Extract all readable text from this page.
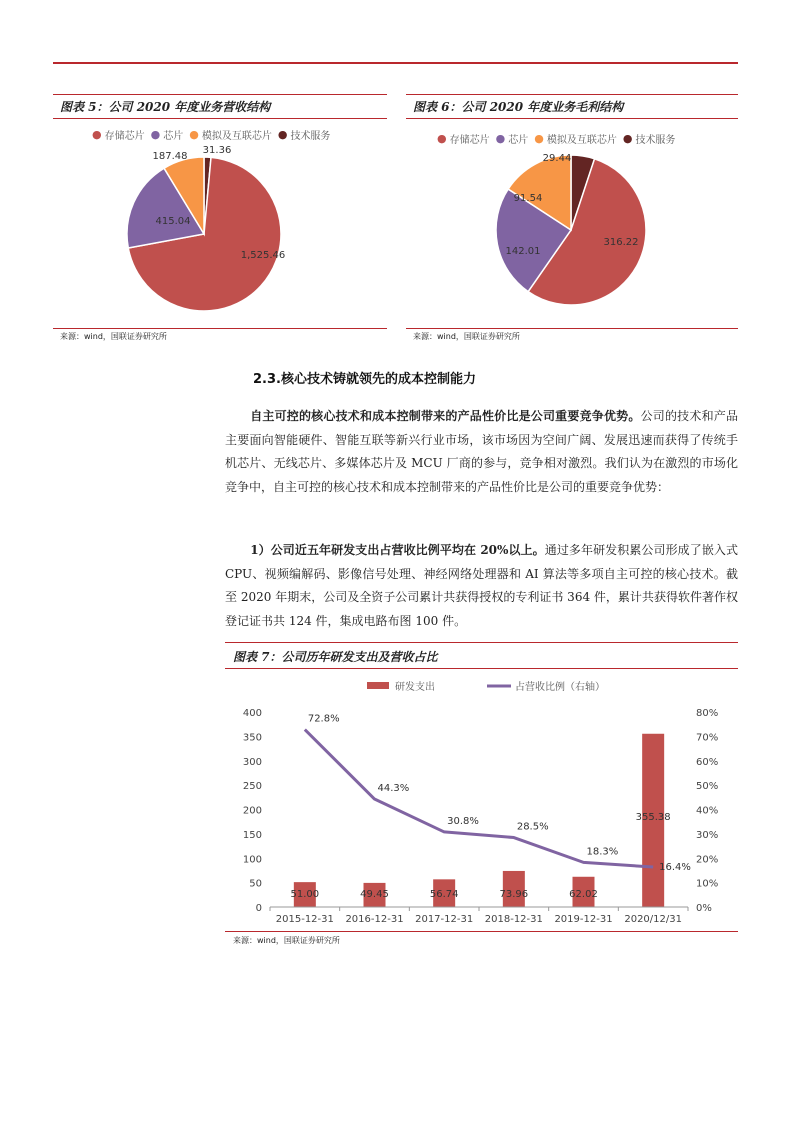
图表 5：公司 2020 年度业务营收结构
● 存储芯片 ● 芯片 ● 模拟及互联芯片 ● 技术服务
1,525.46
415.04
187.48
31.36
来源：wind，国联证券研究所
图表 6：公司 2020 年度业务毛利结构
● 存储芯片 ● 芯片 ● 模拟及互联芯片 ● 技术服务
316.22
142.01
91.54
29.44
来源：wind，国联证券研究所
2.3.核心技术铸就领先的成本控制能力
自主可控的核心技术和成本控制带来的产品性价比是公司重要竞争优势。公司的技术和产品主要面向智能硬件、智能互联等新兴行业市场，该市场因为空间广阔、发展迅速而获得了传统手机芯片、无线芯片、多媒体芯片及 MCU 厂商的参与，竞争相对激烈。我们认为在激烈的市场化竞争中，自主可控的核心技术和成本控制带来的产品性价比是公司的重要竞争优势：
1）公司近五年研发支出占营收比例平均在 20%以上。通过多年研发积累公司形成了嵌入式 CPU、视频编解码、影像信号处理、神经网络处理器和 AI 算法等多项自主可控的核心技术。截至 2020 年期末，公司及全资子公司累计共获得授权的专利证书 364 件，累计共获得软件著作权登记证书共 124 件，集成电路布图 100 件。
图表 7：公司历年研发支出及营收占比
研发支出	占营收比例（右轴）
0
50
100
150
200
250
300
350
400
0%
10%
20%
30%
40%
50%
60%
70%
80%
2015-12-31 2016-12-31 2017-12-31 2018-12-31 2019-12-31 2020/12/31
51.00	49.45	56.74	73.96	62.02
355.38
72.8%
44.3%
30.8%
28.5%
18.3%
16.4%
来源：wind，国联证券研究所
